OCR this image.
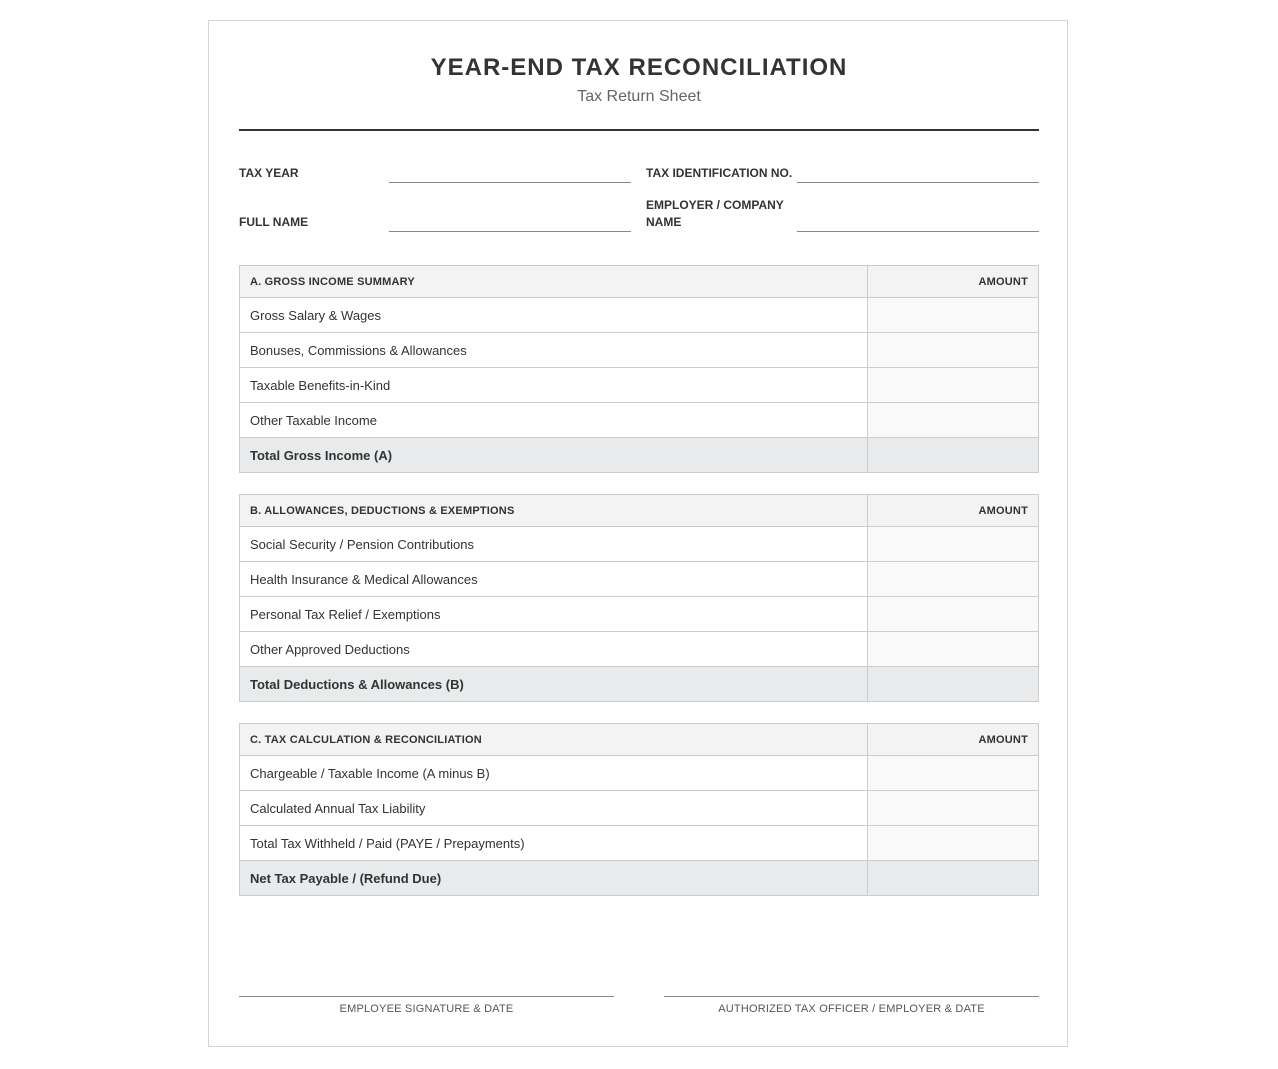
YEAR-END TAX RECONCILIATION
Tax Return Sheet
TAX YEAR	TAX IDENTIFICATION NO.
FULL NAME
EMPLOYER / COMPANY
NAME
A. GROSS INCOME SUMMARY	AMOUNT
Gross Salary & Wages	
Bonuses, Commissions & Allowances	
Taxable Benefits-in-Kind	
Other Taxable Income	
Total Gross Income (A)	
B. ALLOWANCES, DEDUCTIONS & EXEMPTIONS	AMOUNT
Social Security / Pension Contributions	
Health Insurance & Medical Allowances	
Personal Tax Relief / Exemptions	
Other Approved Deductions	
Total Deductions & Allowances (B)	
C. TAX CALCULATION & RECONCILIATION	AMOUNT
Chargeable / Taxable Income (A minus B)	
Calculated Annual Tax Liability	
Total Tax Withheld / Paid (PAYE / Prepayments)	
Net Tax Payable / (Refund Due)	
EMPLOYEE SIGNATURE & DATE	AUTHORIZED TAX OFFICER / EMPLOYER & DATE
